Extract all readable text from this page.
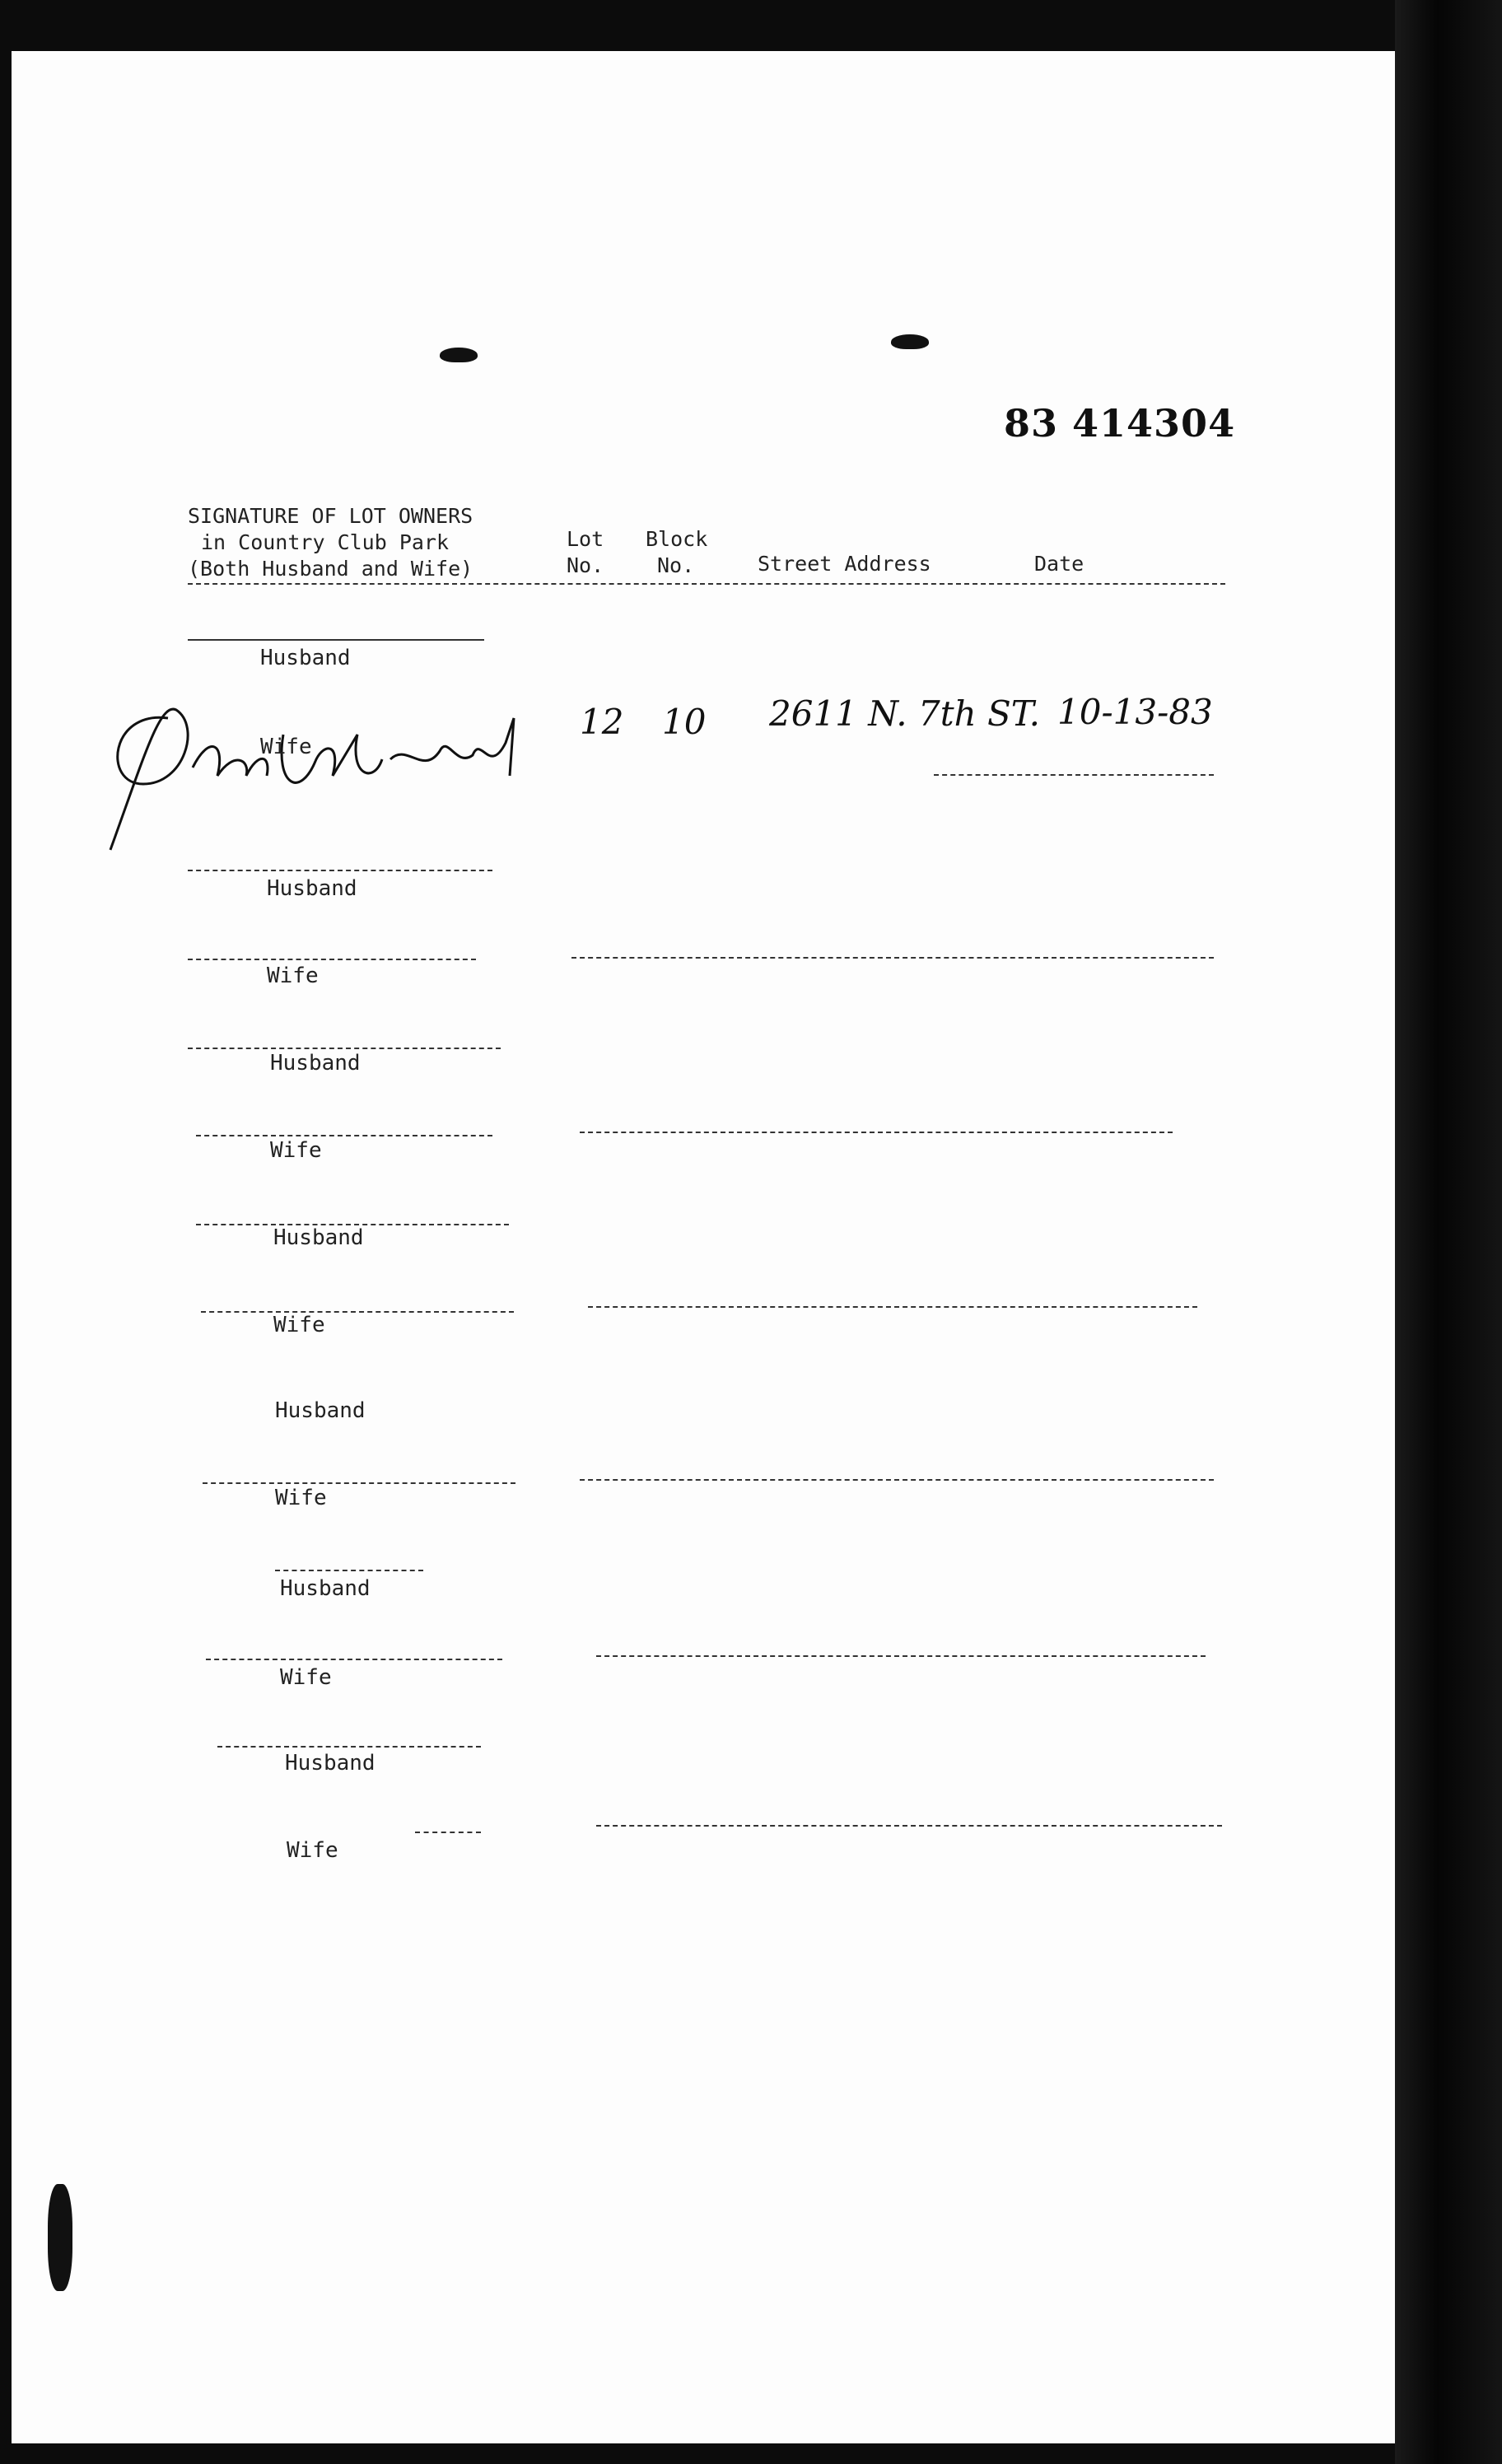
83 414304
SIGNATURE OF LOT OWNERS
in Country Club Park
(Both Husband and Wife)
Lot
No.
Block
No.	Street Address	Date
Husband
Wife
12 10 2611 N. 7th ST. 10-13-83
Husband
Wife
Husband
Wife
Husband
Wife
Husband
Wife
Husband
Wife
Husband
Wife
